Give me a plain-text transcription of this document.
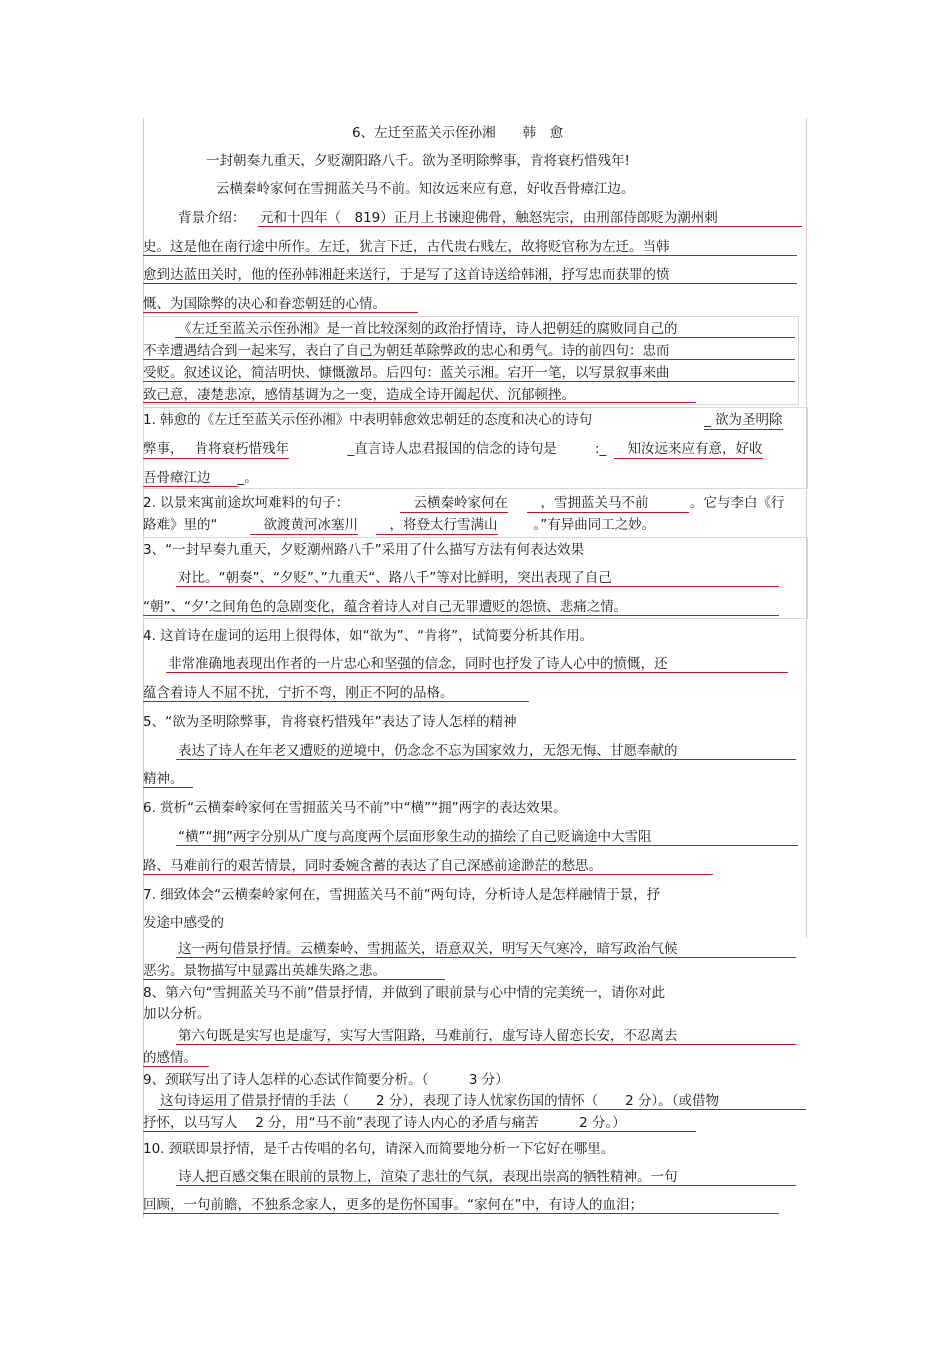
6、左迁至蓝关示侄孙湘　　韩　愈
一封朝奏九重天，夕贬潮阳路八千。欲为圣明除弊事，肯将衰朽惜残年!
云横秦岭家何在雪拥蓝关马不前。知汝远来应有意，好收吾骨瘴江边。
背景介绍： 元和十四年（　819）正月上书谏迎佛骨，触怒宪宗，由刑部侍郎贬为潮州刺
史。这是他在南行途中所作。左迁，犹言下迁，古代贵右贱左，故将贬官称为左迁。当韩
愈到达蓝田关时，他的侄孙韩湘赶来送行，于是写了这首诗送给韩湘，抒写忠而获罪的愤
慨、为国除弊的决心和眷恋朝廷的心情。
《左迁至蓝关示侄孙湘》是一首比较深刻的政治抒情诗，诗人把朝廷的腐败同自己的
不幸遭遇结合到一起来写，表白了自己为朝廷革除弊政的忠心和勇气。诗的前四句：忠而
受贬。叙述议论，简洁明快、慷慨激昂。后四句：蓝关示湘。宕开一笔，以写景叙事来曲
致己意，凄楚悲凉，感情基调为之一变，造成全诗开阖起伏、沉郁顿挫。
1. 韩愈的《左迁至蓝关示侄孙湘》中表明韩愈效忠朝廷的态度和决心的诗句	_ 欲为圣明除
弊事，　 肯将衰朽惜残年 　　　_直言诗人忠君报国的信念的诗句是 　　:_ 　知汝远来应有意，好收
吾骨瘴江边　　_。
2. 以景来寓前途坎坷难料的句子：	　云横秦岭家何在 　，雪拥蓝关马不前　　　 。它与李白《行
路难》里的“ 　欲渡黄河冰塞川 　，将登太行雪满山 　。”有异曲同工之妙。
3、“一封早奏九重天，夕贬潮州路八千”采用了什么描写方法有何表达效果
对比。“朝奏”、“夕贬”、”九重天“、路八千”等对比鲜明，突出表现了自己
“朝”、“夕’之间角色的急剧变化，蕴含着诗人对自己无罪遭贬的怨愤、悲痛之情。
4. 这首诗在虚词的运用上很得体，如“欲为”、“肯将”，试简要分析其作用。
非常准确地表现出作者的一片忠心和坚强的信念，同时也抒发了诗人心中的愤慨，还
蕴含着诗人不屈不扰，宁折不弯，刚正不阿的品格。
5、“欲为圣明除弊事，肯将衰朽惜残年”表达了诗人怎样的精神
表达了诗人在年老又遭贬的逆境中，仍念念不忘为国家效力，无怨无悔、甘愿奉献的
精神。
6. 赏析“云横秦岭家何在雪拥蓝关马不前”中“横”“拥”两字的表达效果。
“横”“拥”两字分别从广度与高度两个层面形象生动的描绘了自己贬谪途中大雪阻
路、马难前行的艰苦情景，同时委婉含蓄的表达了自己深感前途渺茫的愁思。
7. 细致体会“云横秦岭家何在，雪拥蓝关马不前”两句诗，分析诗人是怎样融情于景，抒
发途中感受的
这一两句借景抒情。云横秦岭、雪拥蓝关，语意双关，明写天气寒冷，暗写政治气候
恶劣。景物描写中显露出英雄失路之悲。
8、第六句“雪拥蓝关马不前”借景抒情，并做到了眼前景与心中情的完美统一，请你对此
加以分析。
第六句既是实写也是虚写，实写大雪阻路，马难前行，虚写诗人留恋长安，不忍离去
的感情。
9、颈联写出了诗人怎样的心态试作简要分析。（　　　3 分）
这句诗运用了借景抒情的手法（　　2 分），表现了诗人忧家伤国的情怀（　　2 分）。（或借物
抒怀，以马写人　 2 分，用“马不前”表现了诗人内心的矛盾与痛苦　　　2 分。）
10. 颈联即景抒情，是千古传唱的名句，请深入而简要地分析一下它好在哪里。
诗人把百感交集在眼前的景物上，渲染了悲壮的气氛，表现出崇高的牺牲精神。一句
回顾，一句前瞻，不独系念家人，更多的是伤怀国事。“家何在”中，有诗人的血泪；
